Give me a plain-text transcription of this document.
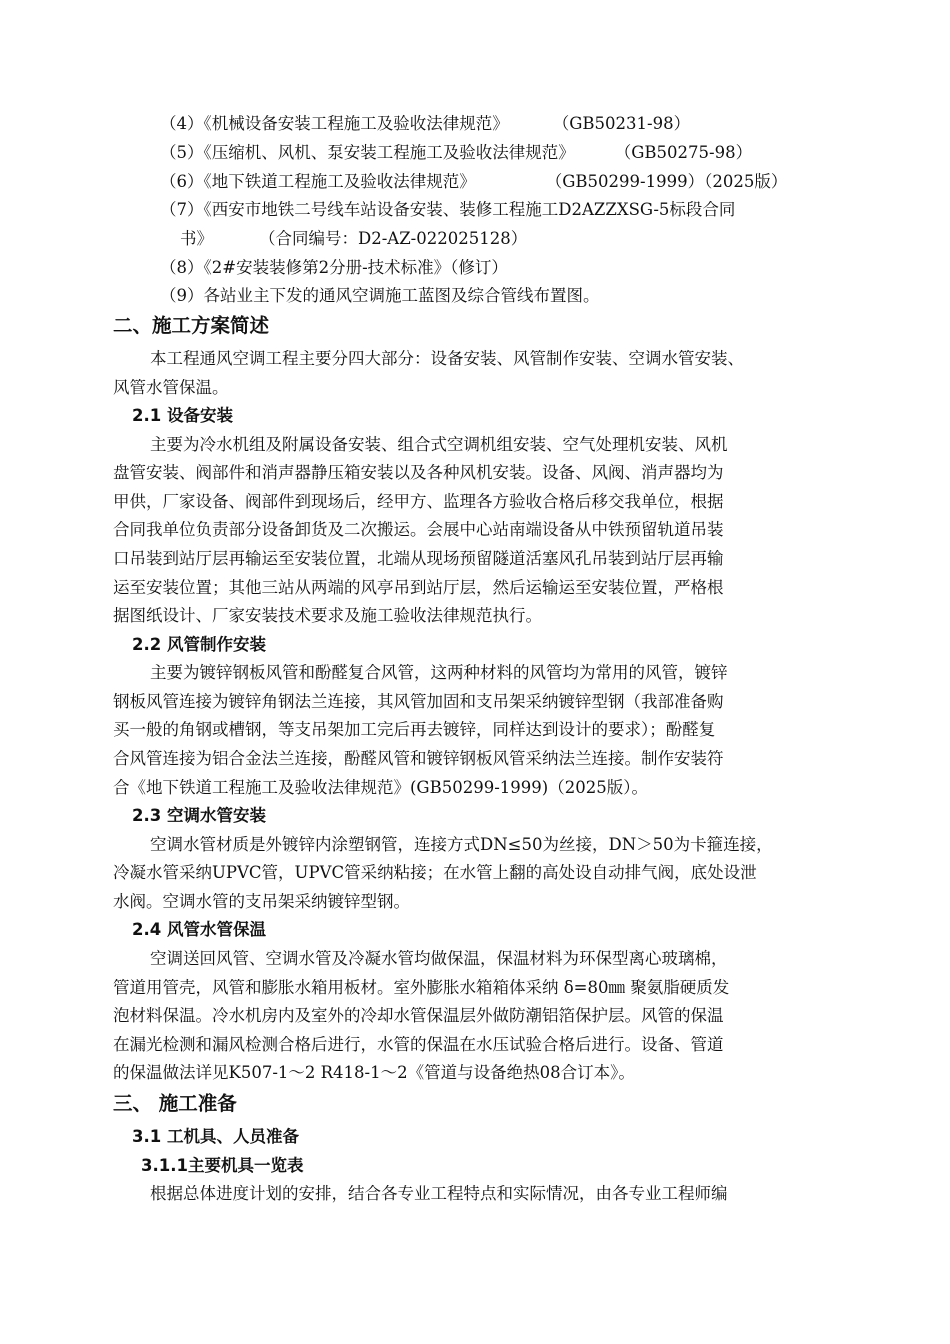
（4）《机械设备安装工程施工及验收法律规范》	（GB50231-98）
（5）《压缩机、风机、泵安装工程施工及验收法律规范》 （GB50275-98）
（6）《地下铁道工程施工及验收法律规范》	（GB50299-1999）（2025版）
（7）《西安市地铁二号线车站设备安装、装修工程施工D2AZZXSG-5标段合同
书》	（合同编号：D2-AZ-022025128）
（8）《2#安装装修第2分册-技术标准》（修订）
（9）各站业主下发的通风空调施工蓝图及综合管线布置图。
二、施工方案简述
本工程通风空调工程主要分四大部分：设备安装、风管制作安装、空调水管安装、
风管水管保温。
2.1 设备安装
主要为冷水机组及附属设备安装、组合式空调机组安装、空气处理机安装、风机
盘管安装、阀部件和消声器静压箱安装以及各种风机安装。设备、风阀、消声器均为
甲供，厂家设备、阀部件到现场后，经甲方、监理各方验收合格后移交我单位，根据
合同我单位负责部分设备卸货及二次搬运。会展中心站南端设备从中铁预留轨道吊装
口吊装到站厅层再输运至安装位置，北端从现场预留隧道活塞风孔吊装到站厅层再输
运至安装位置；其他三站从两端的风亭吊到站厅层，然后运输运至安装位置，严格根
据图纸设计、厂家安装技术要求及施工验收法律规范执行。
2.2 风管制作安装
主要为镀锌钢板风管和酚醛复合风管，这两种材料的风管均为常用的风管，镀锌
钢板风管连接为镀锌角钢法兰连接，其风管加固和支吊架采纳镀锌型钢（我部准备购
买一般的角钢或槽钢，等支吊架加工完后再去镀锌，同样达到设计的要求）；酚醛复
合风管连接为铝合金法兰连接，酚醛风管和镀锌钢板风管采纳法兰连接。制作安装符
合《地下铁道工程施工及验收法律规范》(GB50299-1999)（2025版）。
2.3 空调水管安装
空调水管材质是外镀锌内涂塑钢管，连接方式DN≤50为丝接，DN＞50为卡箍连接，
冷凝水管采纳UPVC管，UPVC管采纳粘接；在水管上翻的高处设自动排气阀，底处设泄
水阀。空调水管的支吊架采纳镀锌型钢。
2.4 风管水管保温
空调送回风管、空调水管及冷凝水管均做保温，保温材料为环保型离心玻璃棉，
管道用管壳，风管和膨胀水箱用板材。室外膨胀水箱箱体采纳 δ=80㎜ 聚氨脂硬质发
泡材料保温。冷水机房内及室外的冷却水管保温层外做防潮铝箔保护层。风管的保温
在漏光检测和漏风检测合格后进行，水管的保温在水压试验合格后进行。设备、管道
的保温做法详见K507-1～2 R418-1～2《管道与设备绝热08合订本》。
三、 施工准备
3.1 工机具、人员准备
3.1.1主要机具一览表
根据总体进度计划的安排，结合各专业工程特点和实际情况，由各专业工程师编
